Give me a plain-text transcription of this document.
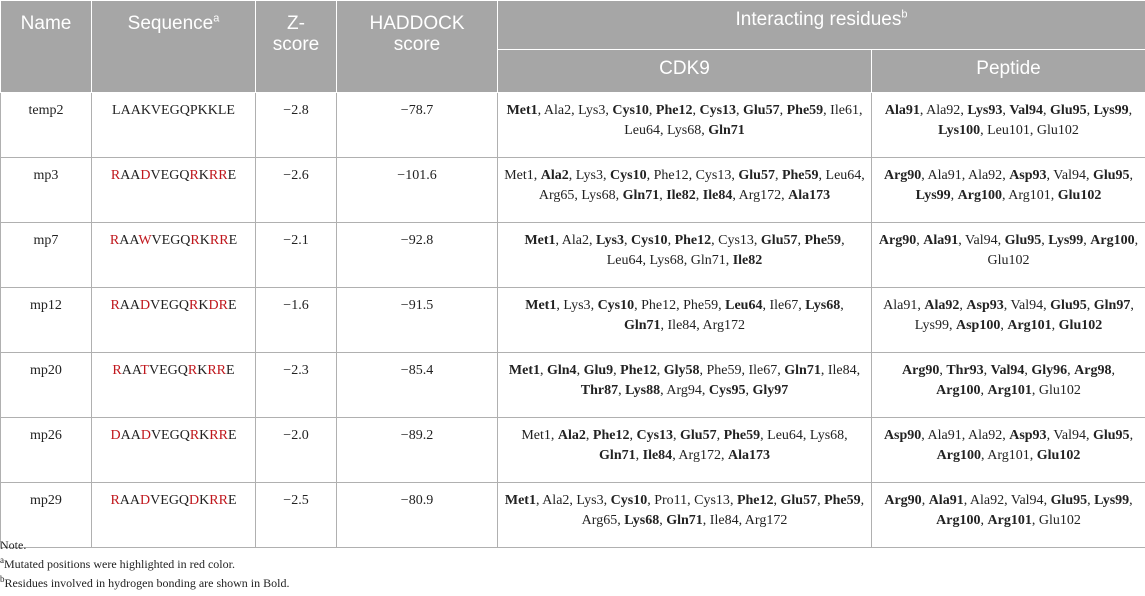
Name	Sequence$^a$	Z-score	HADDOCK score	Interacting residues$^b$
				CDK9	Peptide
temp2	LAAKVEGQPKKLE	−2.8	−78.7	Met1, Ala2, Lys3, Cys10, Phe12, Cys13, Glu57, Phe59, Ile61, Leu64, Lys68, Gln71	Ala91, Ala92, Lys93, Val94, Glu95, Lys99, Lys100, Leu101, Glu102
mp3	RAADVEGQRKRRE	−2.6	−101.6	Met1, Ala2, Lys3, Cys10, Phe12, Cys13, Glu57, Phe59, Leu64, Arg65, Lys68, Gln71, Ile82, Ile84, Arg172, Ala173	Arg90, Ala91, Ala92, Asp93, Val94, Glu95, Lys99, Arg100, Arg101, Glu102
mp7	RAAWVEGQRKRRE	−2.1	−92.8	Met1, Ala2, Lys3, Cys10, Phe12, Cys13, Glu57, Phe59, Leu64, Lys68, Gln71, Ile82	Arg90, Ala91, Val94, Glu95, Lys99, Arg100, Glu102
mp12	RAADVEGQRKDRE	−1.6	−91.5	Met1, Lys3, Cys10, Phe12, Phe59, Leu64, Ile67, Lys68, Gln71, Ile84, Arg172	Ala91, Ala92, Asp93, Val94, Glu95, Gln97, Lys99, Asp100, Arg101, Glu102
mp20	RAATVEGQRKRRE	−2.3	−85.4	Met1, Gln4, Glu9, Phe12, Gly58, Phe59, Ile67, Gln71, Ile84, Thr87, Lys88, Arg94, Cys95, Gly97	Arg90, Thr93, Val94, Gly96, Arg98, Arg100, Arg101, Glu102
mp26	DAADVEGQRKRRE	−2.0	−89.2	Met1, Ala2, Phe12, Cys13, Glu57, Phe59, Leu64, Lys68, Gln71, Ile84, Arg172, Ala173	Asp90, Ala91, Ala92, Asp93, Val94, Glu95, Arg100, Arg101, Glu102
mp29	RAADVEGQDKRRE	−2.5	−80.9	Met1, Ala2, Lys3, Cys10, Pro11, Cys13, Phe12, Glu57, Phe59, Arg65, Lys68, Gln71, Ile84, Arg172	Arg90, Ala91, Ala92, Val94, Glu95, Lys99, Arg100, Arg101, Glu102
Note.
$^a$Mutated positions were highlighted in red color.
$^b$Residues involved in hydrogen bonding are shown in Bold.
